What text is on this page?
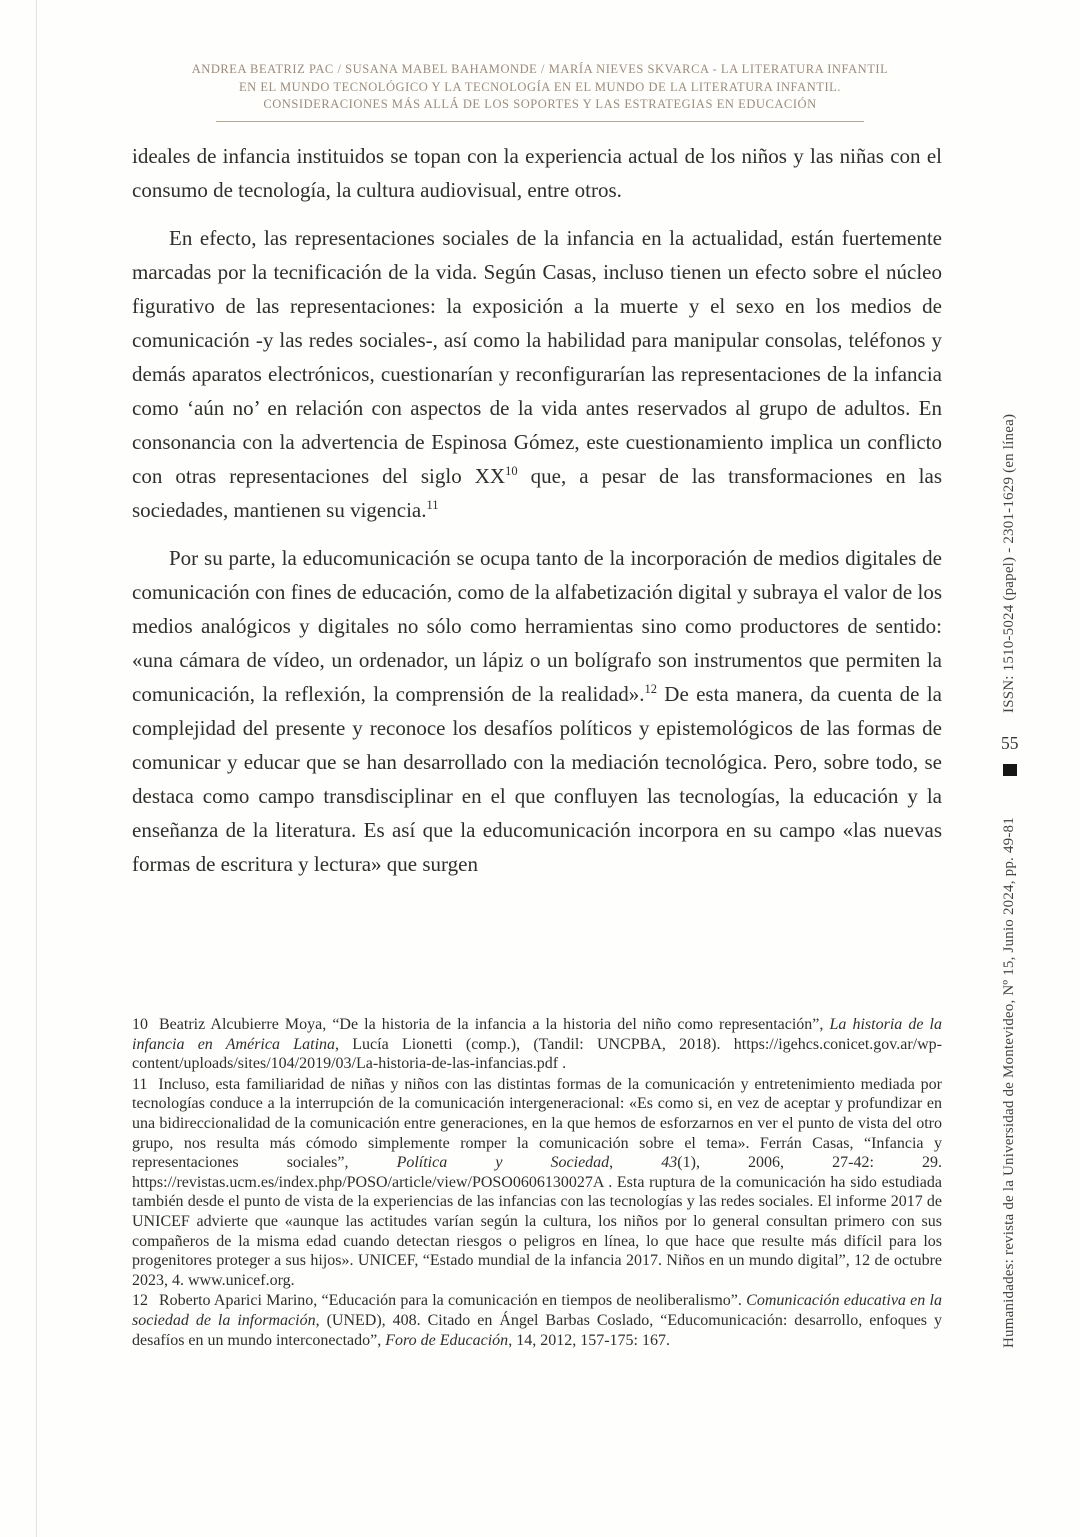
ANDREA BEATRIZ PAC / SUSANA MABEL BAHAMONDE / MARÍA NIEVES SKVARCA - LA LITERATURA INFANTIL
EN EL MUNDO TECNOLÓGICO Y LA TECNOLOGÍA EN EL MUNDO DE LA LITERATURA INFANTIL.
CONSIDERACIONES MÁS ALLÁ DE LOS SOPORTES Y LAS ESTRATEGIAS EN EDUCACIÓN

ideales de infancia instituidos se topan con la experiencia actual de los niños y las niñas con el consumo de tecnología, la cultura audiovisual, entre otros.

En efecto, las representaciones sociales de la infancia en la actualidad, están fuertemente marcadas por la tecnificación de la vida. Según Casas, incluso tienen un efecto sobre el núcleo figurativo de las representaciones: la exposición a la muerte y el sexo en los medios de comunicación -y las redes sociales-, así como la habilidad para manipular consolas, teléfonos y demás aparatos electrónicos, cuestionarían y reconfigurarían las representaciones de la infancia como ‘aún no’ en relación con aspectos de la vida antes reservados al grupo de adultos. En consonancia con la advertencia de Espinosa Gómez, este cuestionamiento implica un conflicto con otras representaciones del siglo XX$^{10}$ que, a pesar de las transformaciones en las sociedades, mantienen su vigencia.$^{11}$

Por su parte, la educomunicación se ocupa tanto de la incorporación de medios digitales de comunicación con fines de educación, como de la alfabetización digital y subraya el valor de los medios analógicos y digitales no sólo como herramientas sino como productores de sentido: «una cámara de vídeo, un ordenador, un lápiz o un bolígrafo son instrumentos que permiten la comunicación, la reflexión, la comprensión de la realidad».$^{12}$ De esta manera, da cuenta de la complejidad del presente y reconoce los desafíos políticos y epistemológicos de las formas de comunicar y educar que se han desarrollado con la mediación tecnológica. Pero, sobre todo, se destaca como campo transdisciplinar en el que confluyen las tecnologías, la educación y la enseñanza de la literatura. Es así que la educomunicación incorpora en su campo «las nuevas formas de escritura y lectura» que surgen

10 Beatriz Alcubierre Moya, “De la historia de la infancia a la historia del niño como representación”, La historia de la infancia en América Latina, Lucía Lionetti (comp.), (Tandil: UNCPBA, 2018). https://igehcs.conicet.gov.ar/wp-content/uploads/sites/104/2019/03/La-historia-de-las-infancias.pdf .

11 Incluso, esta familiaridad de niñas y niños con las distintas formas de la comunicación y entretenimiento mediada por tecnologías conduce a la interrupción de la comunicación intergeneracional: «Es como si, en vez de aceptar y profundizar en una bidireccionalidad de la comunicación entre generaciones, en la que hemos de esforzarnos en ver el punto de vista del otro grupo, nos resulta más cómodo simplemente romper la comunicación sobre el tema». Ferrán Casas, “Infancia y representaciones sociales”, Política y Sociedad, 43(1), 2006, 27-42: 29. https://revistas.ucm.es/index.php/POSO/article/view/POSO0606130027A . Esta ruptura de la comunicación ha sido estudiada también desde el punto de vista de la experiencias de las infancias con las tecnologías y las redes sociales. El informe 2017 de UNICEF advierte que «aunque las actitudes varían según la cultura, los niños por lo general consultan primero con sus compañeros de la misma edad cuando detectan riesgos o peligros en línea, lo que hace que resulte más difícil para los progenitores proteger a sus hijos». UNICEF, “Estado mundial de la infancia 2017. Niños en un mundo digital”, 12 de octubre 2023, 4. www.unicef.org.

12 Roberto Aparici Marino, “Educación para la comunicación en tiempos de neoliberalismo”. Comunicación educativa en la sociedad de la información, (UNED), 408. Citado en Ángel Barbas Coslado, “Educomunicación: desarrollo, enfoques y desafíos en un mundo interconectado”, Foro de Educación, 14, 2012, 157-175: 167.

ISSN: 1510-5024 (papel) - 2301-1629 (en línea)
55
Humanidades: revista de la Universidad de Montevideo, Nº 15, Junio 2024, pp. 49-81
